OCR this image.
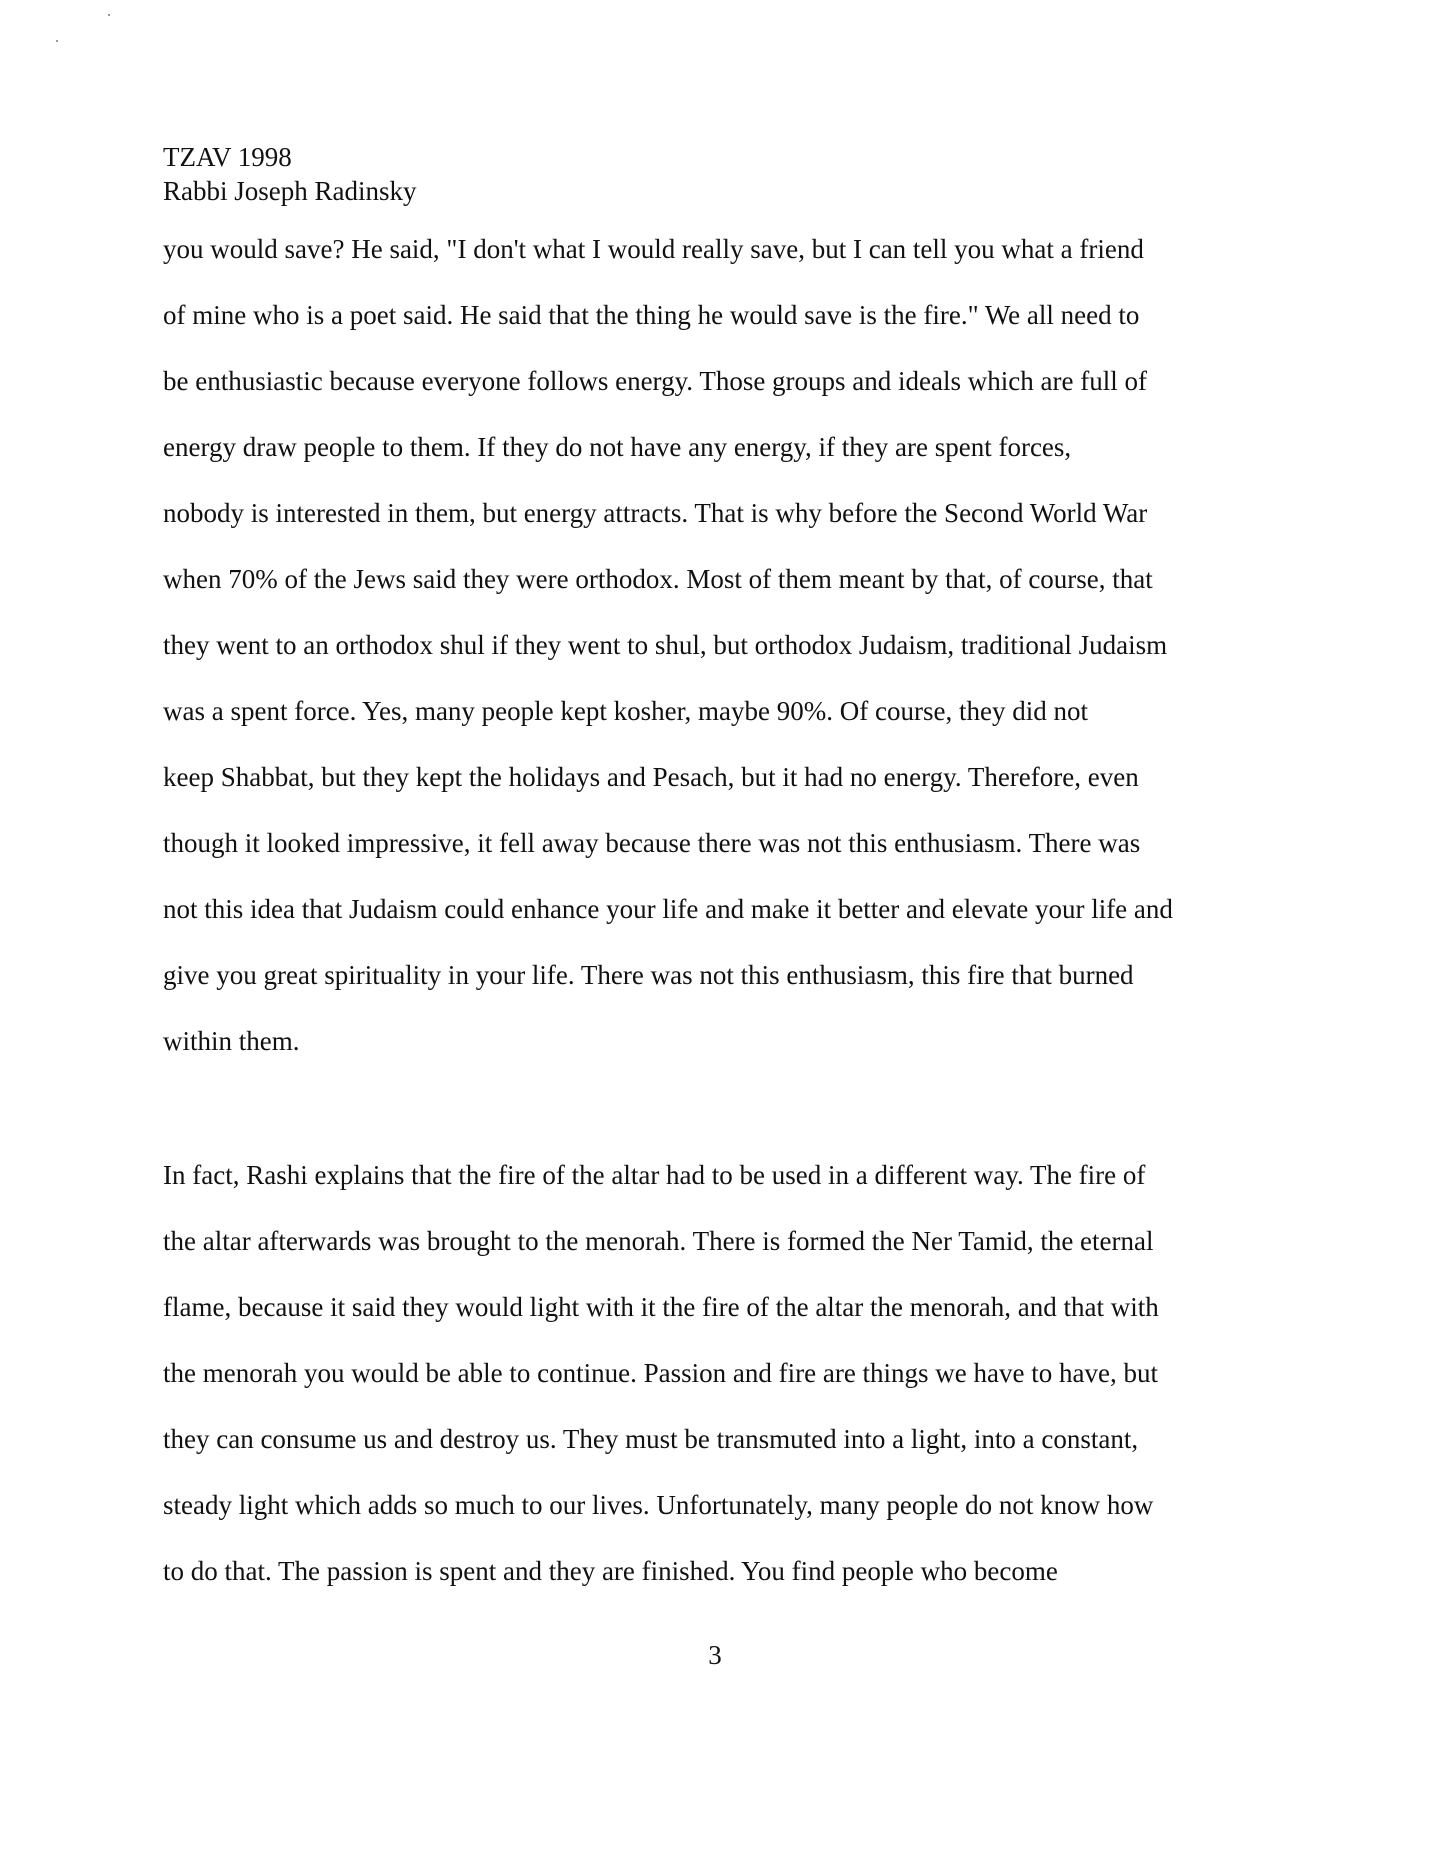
TZAV 1998
Rabbi Joseph Radinsky
you would save? He said, "I don't what I would really save, but I can tell you what a friend
of mine who is a poet said. He said that the thing he would save is the fire." We all need to
be enthusiastic because everyone follows energy. Those groups and ideals which are full of
energy draw people to them. If they do not have any energy, if they are spent forces,
nobody is interested in them, but energy attracts. That is why before the Second World War
when 70% of the Jews said they were orthodox. Most of them meant by that, of course, that
they went to an orthodox shul if they went to shul, but orthodox Judaism, traditional Judaism
was a spent force. Yes, many people kept kosher, maybe 90%. Of course, they did not
keep Shabbat, but they kept the holidays and Pesach, but it had no energy. Therefore, even
though it looked impressive, it fell away because there was not this enthusiasm. There was
not this idea that Judaism could enhance your life and make it better and elevate your life and
give you great spirituality in your life. There was not this enthusiasm, this fire that burned
within them.
In fact, Rashi explains that the fire of the altar had to be used in a different way. The fire of
the altar afterwards was brought to the menorah. There is formed the Ner Tamid, the eternal
flame, because it said they would light with it the fire of the altar the menorah, and that with
the menorah you would be able to continue. Passion and fire are things we have to have, but
they can consume us and destroy us. They must be transmuted into a light, into a constant,
steady light which adds so much to our lives. Unfortunately, many people do not know how
to do that. The passion is spent and they are finished. You find people who become
3
